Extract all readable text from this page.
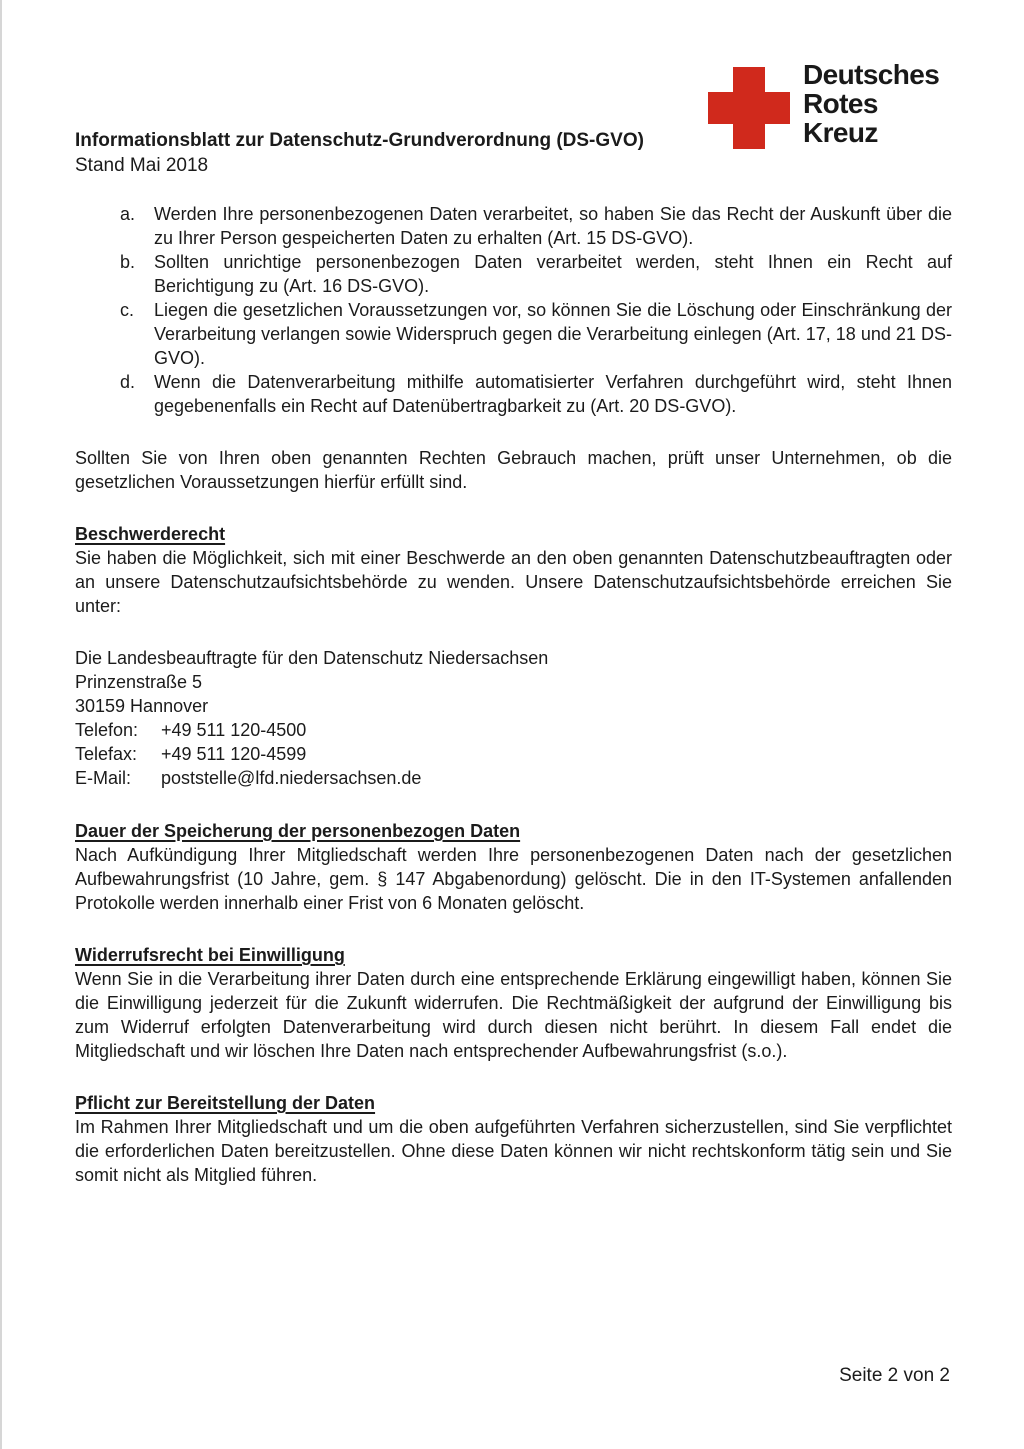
Informationsblatt zur Datenschutz-Grundverordnung (DS-GVO)
Stand Mai 2018
Deutsches
Rotes
Kreuz
a.	Werden Ihre personenbezogenen Daten verarbeitet, so haben Sie das Recht der Auskunft über die zu Ihrer Person gespeicherten Daten zu erhalten (Art. 15 DS-GVO).
b.	Sollten unrichtige personenbezogen Daten verarbeitet werden, steht Ihnen ein Recht auf Berichtigung zu (Art. 16 DS-GVO).
c.	Liegen die gesetzlichen Voraussetzungen vor, so können Sie die Löschung oder Einschränkung der Verarbeitung verlangen sowie Widerspruch gegen die Verarbeitung einlegen (Art. 17, 18 und 21 DS-GVO).
d.	Wenn die Datenverarbeitung mithilfe automatisierter Verfahren durchgeführt wird, steht Ihnen gegebenenfalls ein Recht auf Datenübertragbarkeit zu (Art. 20 DS-GVO).

Sollten Sie von Ihren oben genannten Rechten Gebrauch machen, prüft unser Unternehmen, ob die gesetzlichen Voraussetzungen hierfür erfüllt sind.

Beschwerderecht

Sie haben die Möglichkeit, sich mit einer Beschwerde an den oben genannten Datenschutzbeauftragten oder an unsere Datenschutzaufsichtsbehörde zu wenden. Unsere Datenschutzaufsichtsbehörde erreichen Sie unter:

Die Landesbeauftragte für den Datenschutz Niedersachsen
Prinzenstraße 5
30159 Hannover
Telefon:	+49 511 120-4500
Telefax:	+49 511 120-4599
E-Mail:	poststelle@lfd.niedersachsen.de
Dauer der Speicherung der personenbezogen Daten

Nach Aufkündigung Ihrer Mitgliedschaft werden Ihre personenbezogenen Daten nach der gesetzlichen Aufbewahrungsfrist (10 Jahre, gem. § 147 Abgabenordung) gelöscht. Die in den IT-Systemen anfallenden Protokolle werden innerhalb einer Frist von 6 Monaten gelöscht.

Widerrufsrecht bei Einwilligung

Wenn Sie in die Verarbeitung ihrer Daten durch eine entsprechende Erklärung eingewilligt haben, können Sie die Einwilligung jederzeit für die Zukunft widerrufen. Die Rechtmäßigkeit der aufgrund der Einwilligung bis zum Widerruf erfolgten Datenverarbeitung wird durch diesen nicht berührt. In diesem Fall endet die Mitgliedschaft und wir löschen Ihre Daten nach entsprechender Aufbewahrungsfrist (s.o.).

Pflicht zur Bereitstellung der Daten

Im Rahmen Ihrer Mitgliedschaft und um die oben aufgeführten Verfahren sicherzustellen, sind Sie verpflichtet die erforderlichen Daten bereitzustellen. Ohne diese Daten können wir nicht rechtskonform tätig sein und Sie somit nicht als Mitglied führen.

Seite 2 von 2
